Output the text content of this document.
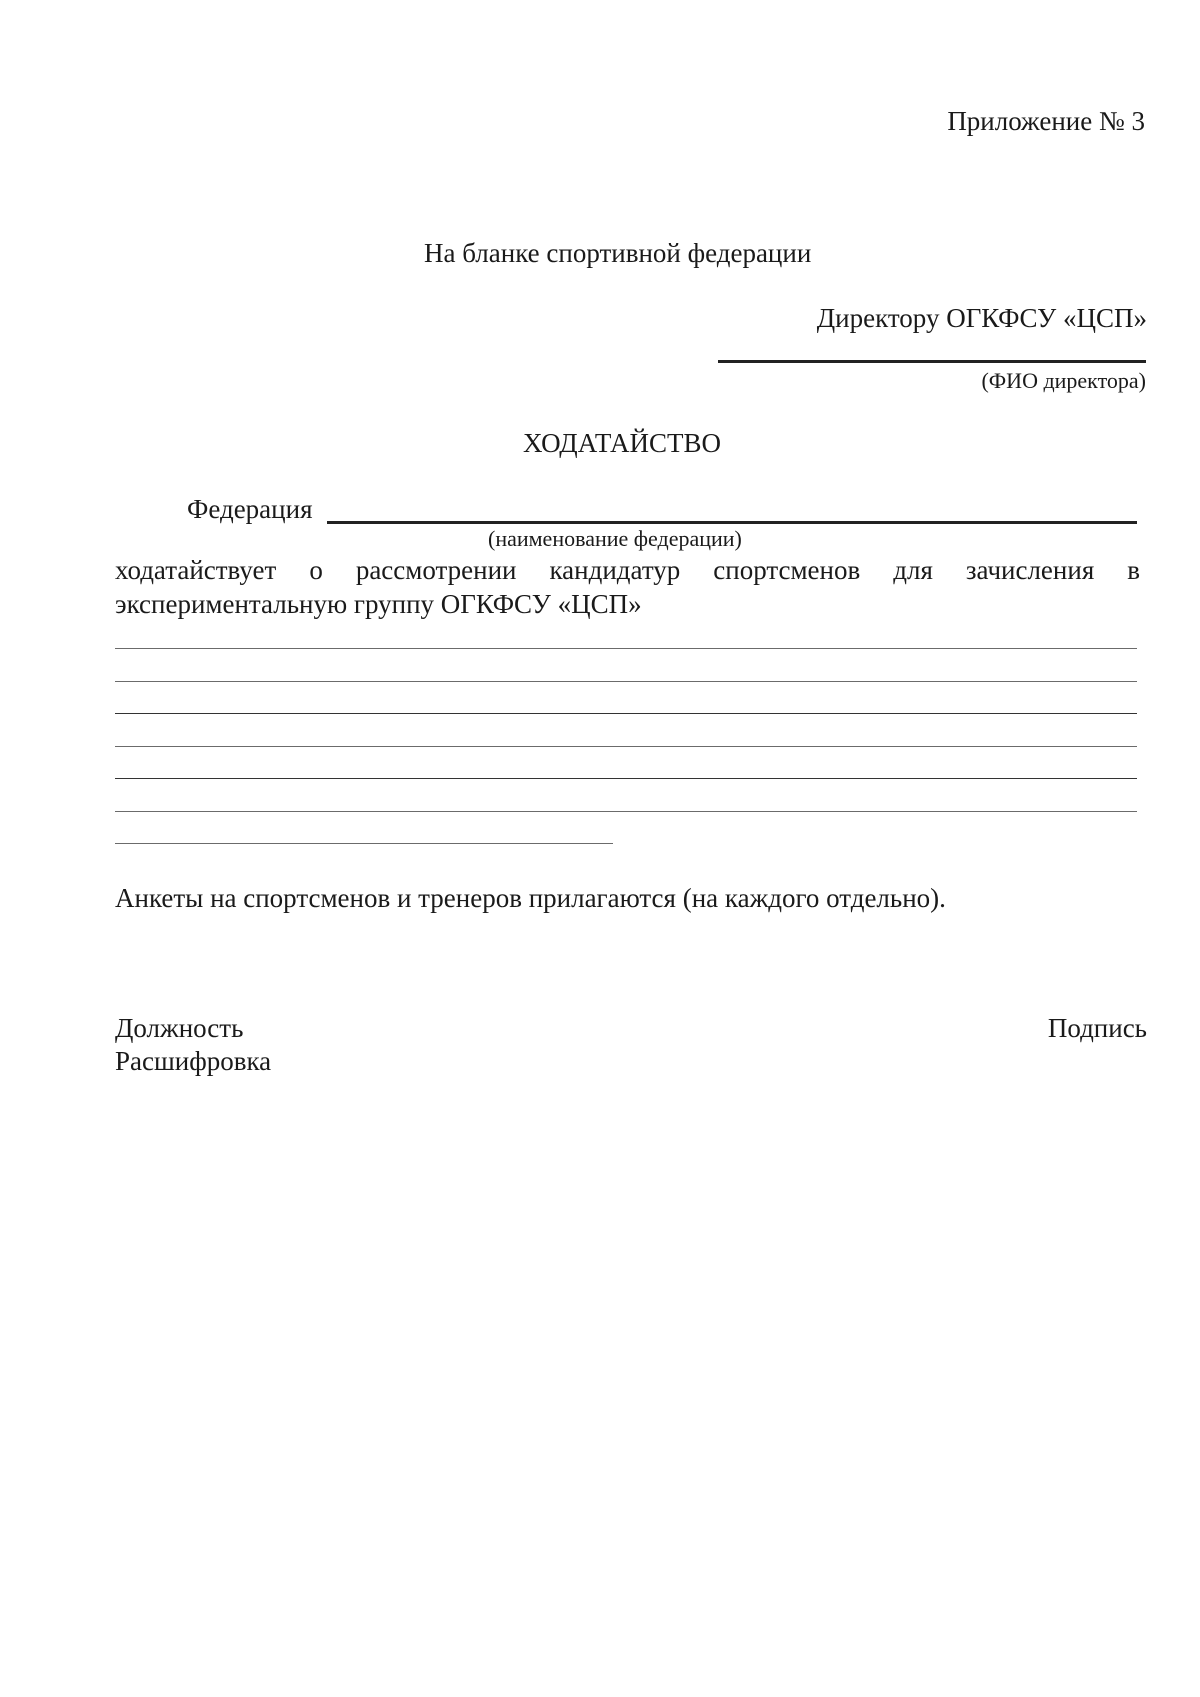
Приложение № 3
На бланке спортивной федерации
Директору ОГКФСУ «ЦСП»
(ФИО директора)
ХОДАТАЙСТВО
Федерация
(наименование федерации)
ходатайствует о рассмотрении кандидатур спортсменов для зачисления в
экспериментальную группу ОГКФСУ «ЦСП»
Анкеты на спортсменов и тренеров прилагаются (на каждого отдельно).
Должность
Расшифровка
Подпись
